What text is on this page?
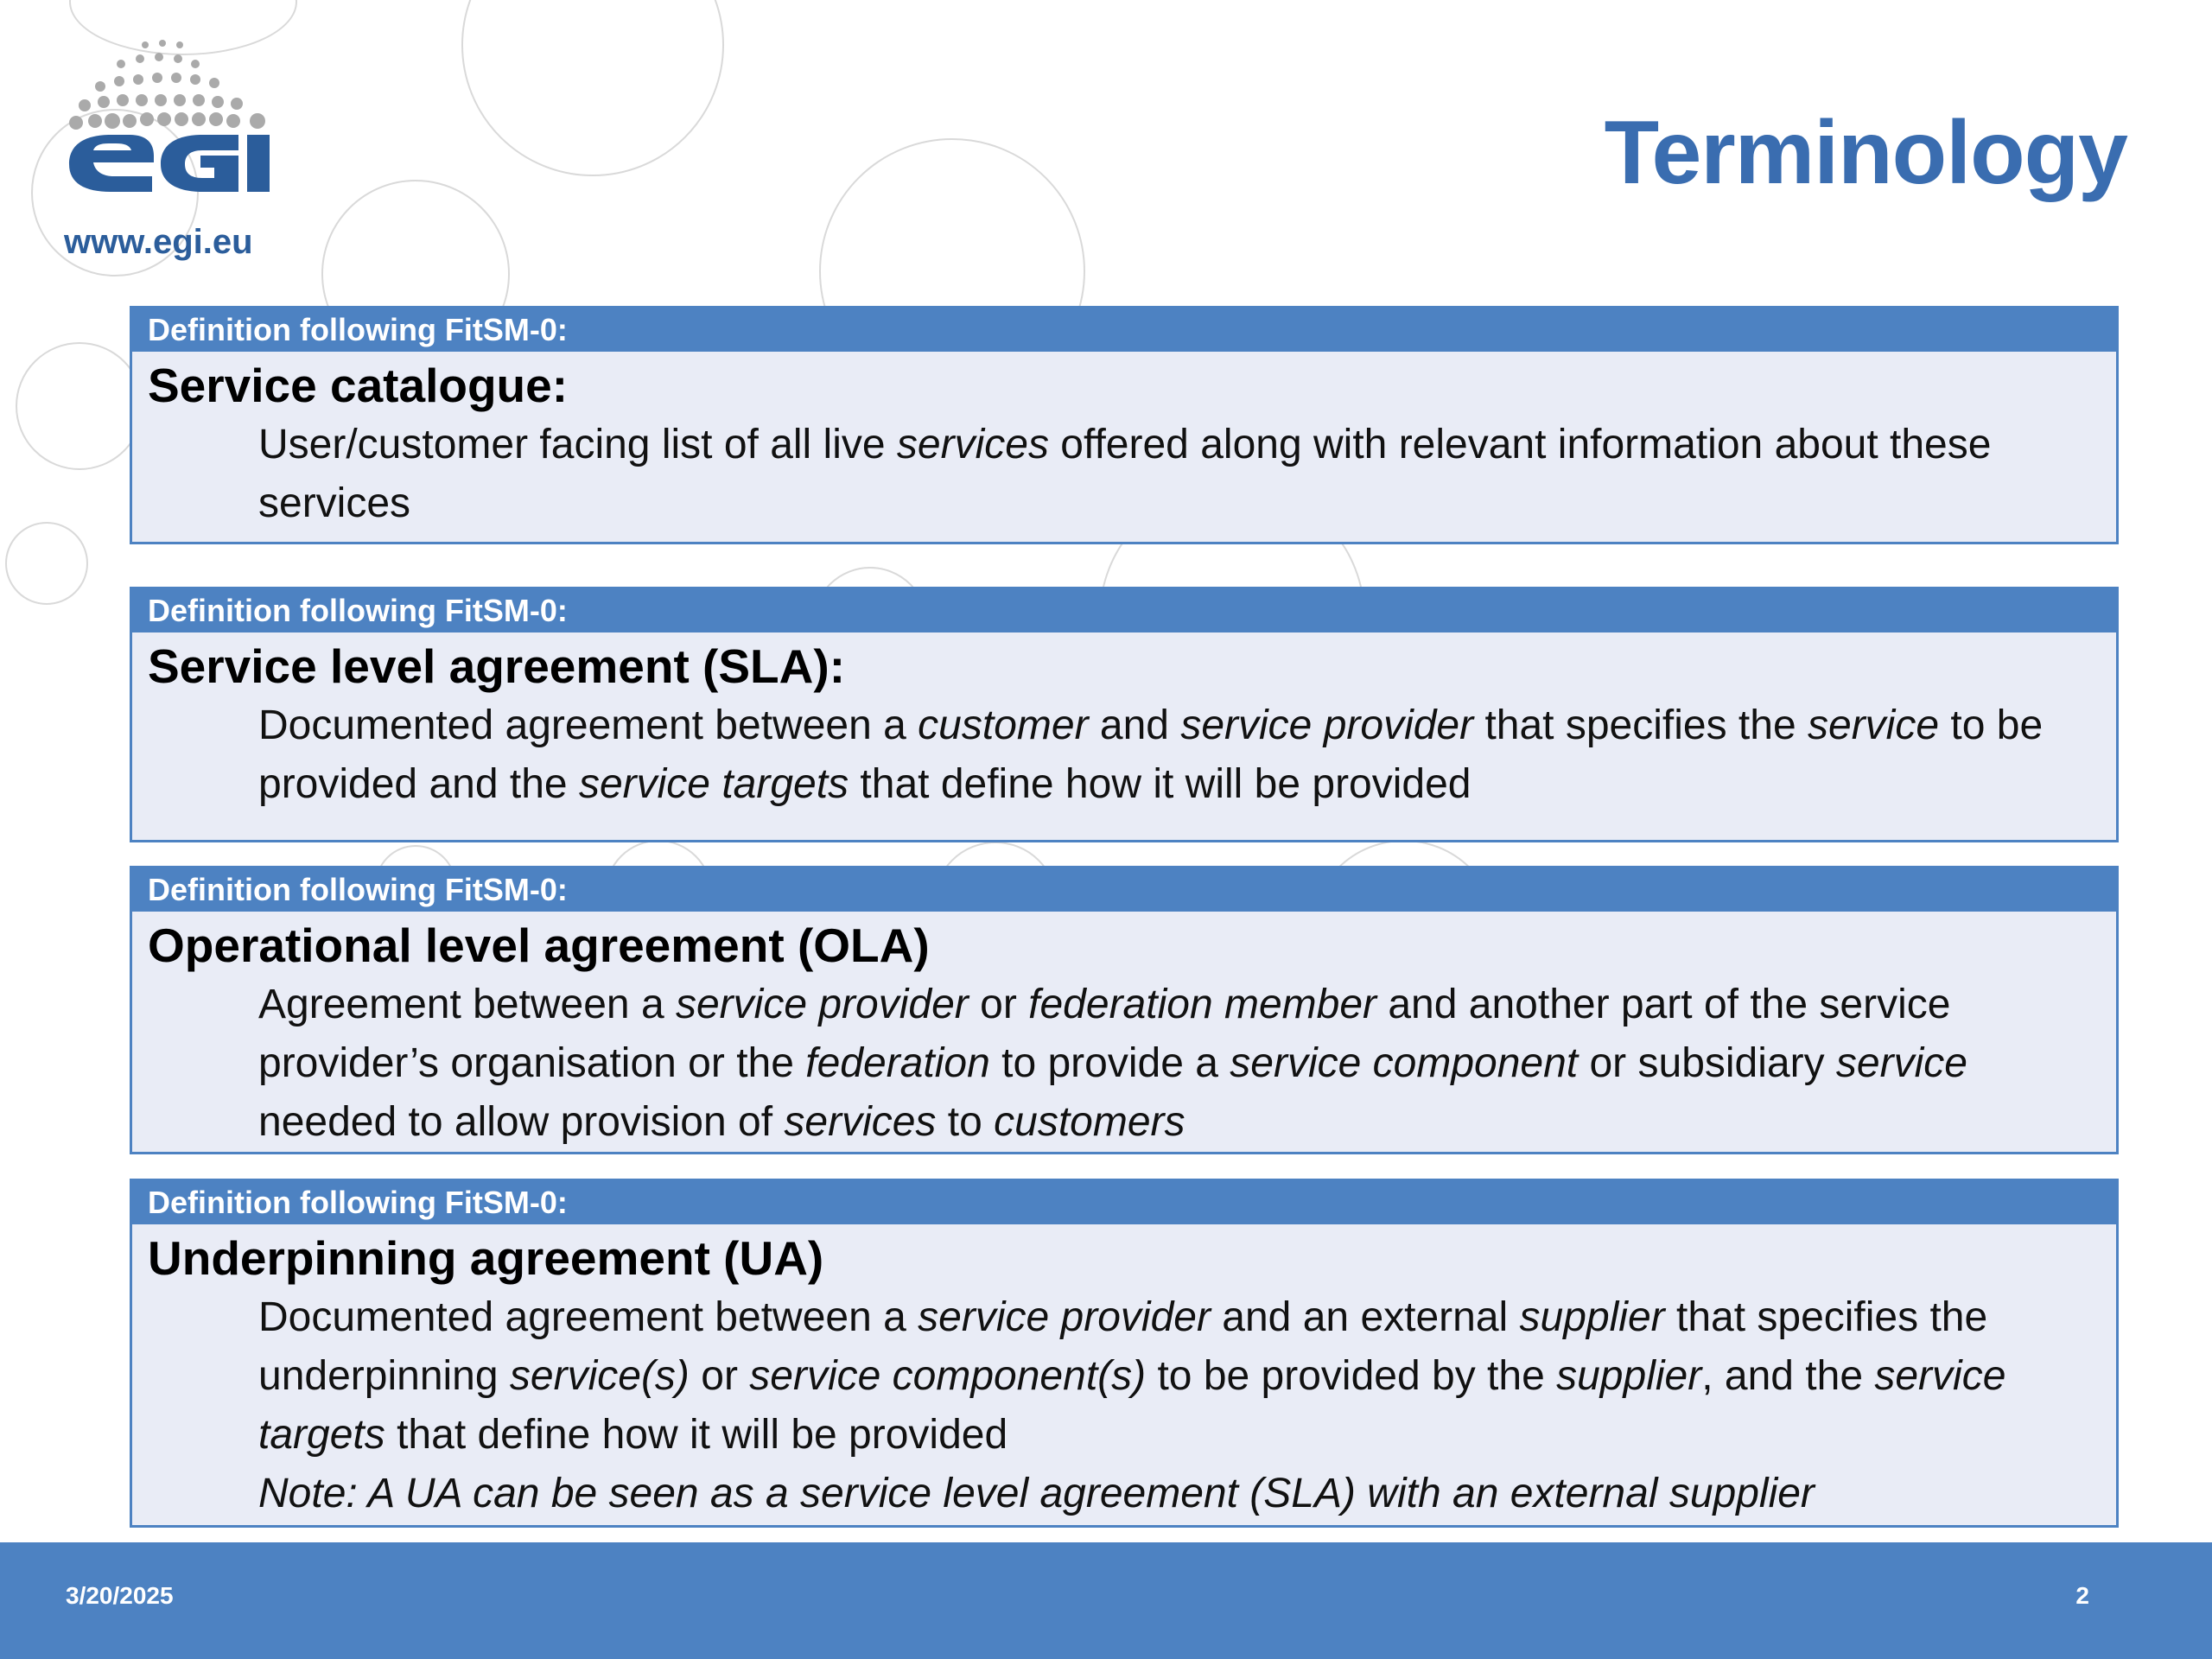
www.egi.eu
Terminology
Definition following FitSM-0:
Service catalogue:

User/customer facing list of all live services offered along with relevant information about these services

Definition following FitSM-0:
Service level agreement (SLA):

Documented agreement between a customer and service provider that specifies the service to be provided and the service targets that define how it will be provided

Definition following FitSM-0:
Operational level agreement (OLA)

Agreement between a service provider or federation member and another part of the service provider’s organisation or the federation to provide a service component or subsidiary service needed to allow provision of services to customers

Definition following FitSM-0:
Underpinning agreement (UA)

Documented agreement between a service provider and an external supplier that specifies the underpinning service(s) or service component(s) to be provided by the supplier, and the service targets that define how it will be provided

Note: A UA can be seen as a service level agreement (SLA) with an external supplier

3/20/2025	2
